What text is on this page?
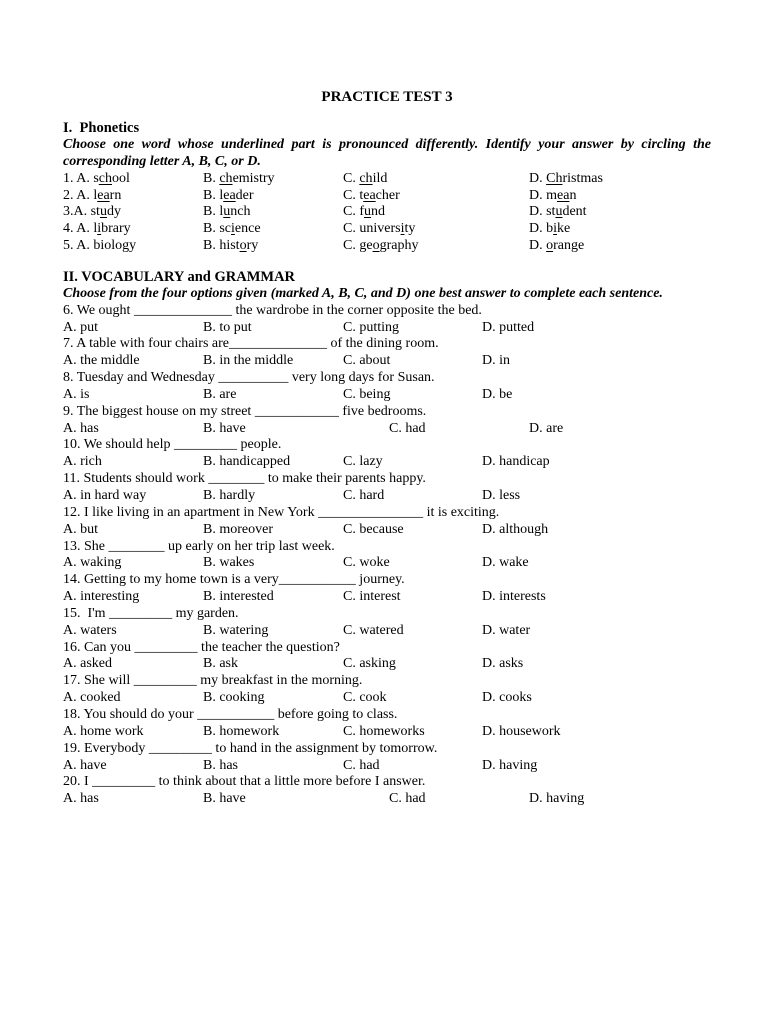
PRACTICE TEST 3
I.  Phonetics
Choose one word whose underlined part is pronounced differently. Identify your answer by circling the corresponding letter A, B, C, or D.
1. A. school	B. chemistry	C. child	D. Christmas
2. A. learn	B. leader	C. teacher	D. mean
3.A. study	B. lunch	C. fund	D. student
4. A. library	B. science	C. university	D. bike
5. A. biology	B. history	C. geography	D. orange
II. VOCABULARY and GRAMMAR
Choose from the four options given (marked A, B, C, and D) one best answer to complete each sentence.
6. We ought ______________ the wardrobe in the corner opposite the bed.
A. put	B. to put	C. putting	D. putted
7. A table with four chairs are______________ of the dining room.
A. the middle	B. in the middle	C. about	D. in
8. Tuesday and Wednesday __________ very long days for Susan.
A. is	B. are	C. being	D. be
9. The biggest house on my street ____________ five bedrooms.
A. has	B. have	C. had	D. are
10. We should help _________ people.
A. rich	B. handicapped	C. lazy	D. handicap
11. Students should work ________ to make their parents happy.
A. in hard way	B. hardly	C. hard	D. less
12. I like living in an apartment in New York _______________ it is exciting.
A. but	B. moreover	C. because	D. although
13. She ________ up early on her trip last week.
A. waking	B. wakes	C. woke	D. wake
14. Getting to my home town is a very___________ journey.
A. interesting	B. interested	C. interest	D. interests
15.  I'm _________ my garden.
A. waters	B. watering	C. watered	D. water
16. Can you _________ the teacher the question?
A. asked	B. ask	C. asking	D. asks
17. She will _________ my breakfast in the morning.
A. cooked	B. cooking	C. cook	D. cooks
18. You should do your ___________ before going to class.
A. home work	B. homework	C. homeworks	D. housework
19. Everybody _________ to hand in the assignment by tomorrow.
A. have	B. has	C. had	D. having
20. I _________ to think about that a little more before I answer.
A. has	B. have	C. had	D. having
